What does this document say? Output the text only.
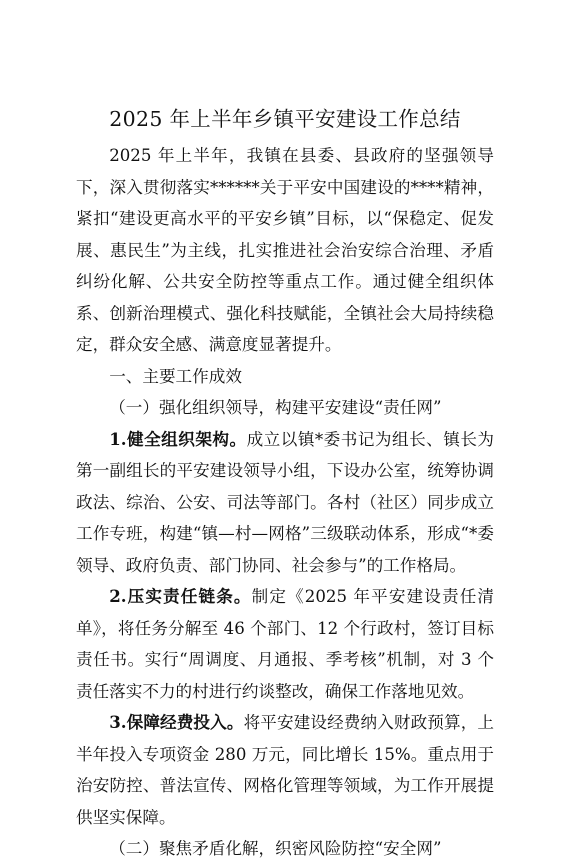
2025 年上半年乡镇平安建设工作总结

2025 年上半年，我镇在县委、县政府的坚强领导下，深入贯彻落实******关于平安中国建设的****精神，紧扣“建设更高水平的平安乡镇”目标，以“保稳定、促发展、惠民生”为主线，扎实推进社会治安综合治理、矛盾纠纷化解、公共安全防控等重点工作。通过健全组织体系、创新治理模式、强化科技赋能，全镇社会大局持续稳定，群众安全感、满意度显著提升。

一、主要工作成效

（一）强化组织领导，构建平安建设“责任网”

1.健全组织架构。成立以镇*委书记为组长、镇长为第一副组长的平安建设领导小组，下设办公室，统筹协调政法、综治、公安、司法等部门。各村（社区）同步成立工作专班，构建“镇—村—网格”三级联动体系，形成“*委领导、政府负责、部门协同、社会参与”的工作格局。

2.压实责任链条。制定《2025 年平安建设责任清单》，将任务分解至 46 个部门、12 个行政村，签订目标责任书。实行“周调度、月通报、季考核”机制，对 3 个责任落实不力的村进行约谈整改，确保工作落地见效。

3.保障经费投入。将平安建设经费纳入财政预算，上半年投入专项资金 280 万元，同比增长 15%。重点用于治安防控、普法宣传、网格化管理等领域，为工作开展提供坚实保障。

（二）聚焦矛盾化解，织密风险防控“安全网”
